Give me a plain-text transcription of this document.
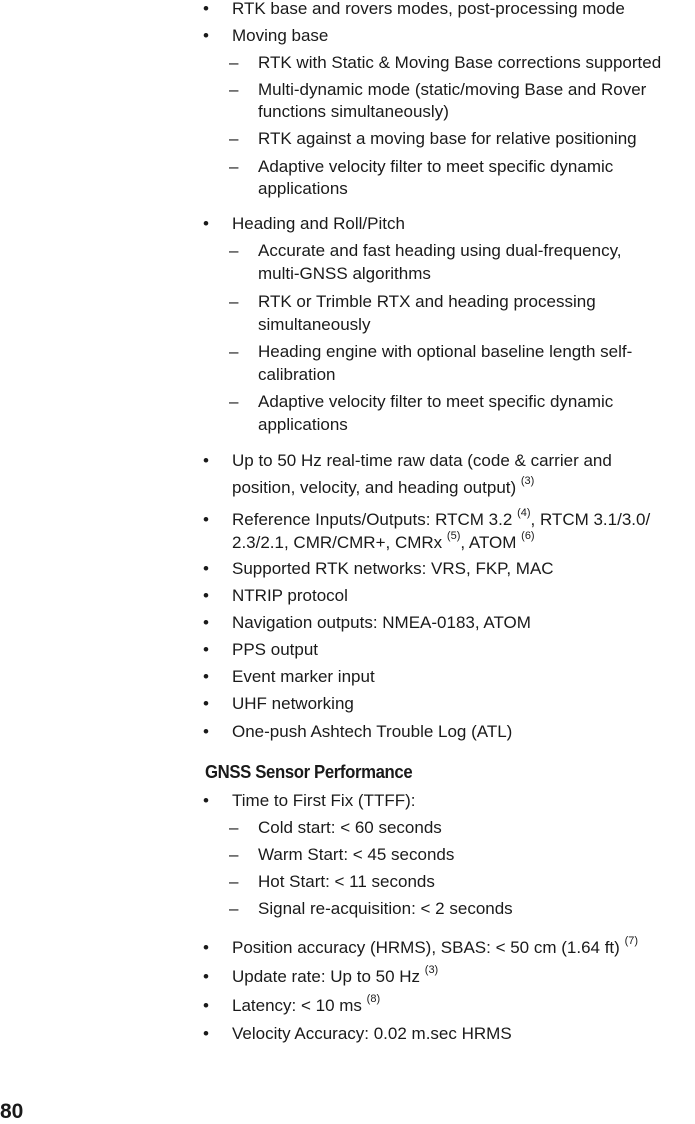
• RTK base and rovers modes, post-processing mode

• Moving base

– RTK with Static & Moving Base corrections supported

– Multi-dynamic mode (static/moving Base and Rover

functions simultaneously)

– RTK against a moving base for relative positioning

– Adaptive velocity filter to meet specific dynamic

applications

• Heading and Roll/Pitch

– Accurate and fast heading using dual-frequency,

multi-GNSS algorithms

– RTK or Trimble RTX and heading processing

simultaneously

– Heading engine with optional baseline length self-

calibration

– Adaptive velocity filter to meet specific dynamic

applications

• Up to 50 Hz real-time raw data (code & carrier and

position, velocity, and heading output) $^{(3)}$

• Reference Inputs/Outputs: RTCM 3.2 $^{(4)}$, RTCM 3.1/3.0/

2.3/2.1, CMR/CMR+, CMRx $^{(5)}$, ATOM $^{(6)}$

• Supported RTK networks: VRS, FKP, MAC

• NTRIP protocol

• Navigation outputs: NMEA-0183, ATOM

• PPS output

• Event marker input

• UHF networking

• One-push Ashtech Trouble Log (ATL)

GNSS Sensor Performance

• Time to First Fix (TTFF):

– Cold start: < 60 seconds

– Warm Start: < 45 seconds

– Hot Start: < 11 seconds

– Signal re-acquisition: < 2 seconds

• Position accuracy (HRMS), SBAS: < 50 cm (1.64 ft) $^{(7)}$

• Update rate: Up to 50 Hz $^{(3)}$

• Latency: < 10 ms $^{(8)}$

• Velocity Accuracy: 0.02 m.sec HRMS

80
